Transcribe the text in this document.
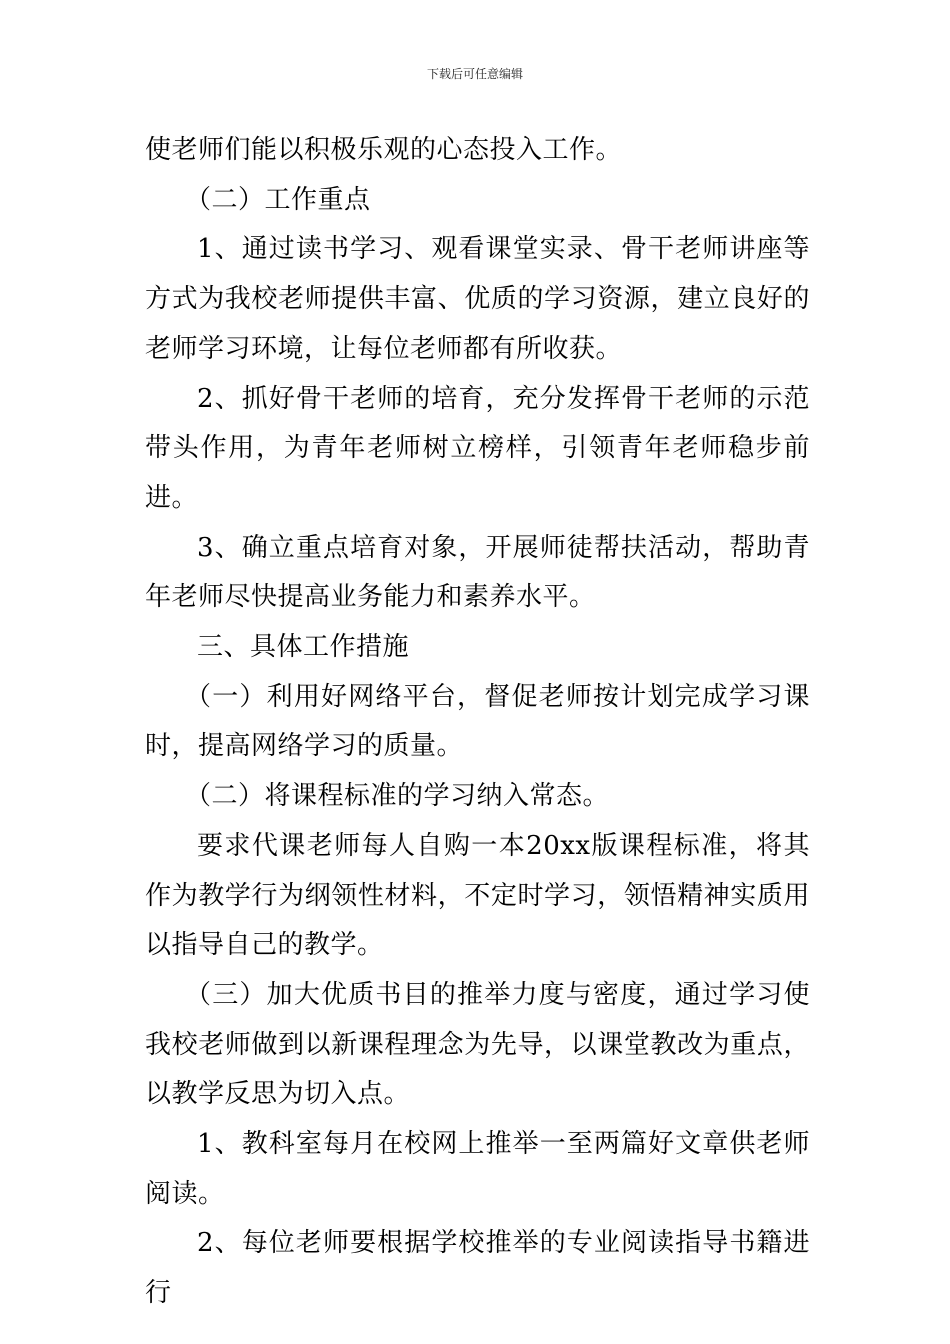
下载后可任意编辑

使老师们能以积极乐观的心态投入工作。

（二）工作重点

1、通过读书学习、观看课堂实录、骨干老师讲座等方式为我校老师提供丰富、优质的学习资源，建立良好的老师学习环境，让每位老师都有所收获。

2、抓好骨干老师的培育，充分发挥骨干老师的示范带头作用，为青年老师树立榜样，引领青年老师稳步前进。

3、确立重点培育对象，开展师徒帮扶活动，帮助青年老师尽快提高业务能力和素养水平。

三、具体工作措施

（一）利用好网络平台，督促老师按计划完成学习课时，提高网络学习的质量。

（二）将课程标准的学习纳入常态。

要求代课老师每人自购一本20xx版课程标准，将其作为教学行为纲领性材料，不定时学习，领悟精神实质用以指导自己的教学。

（三）加大优质书目的推举力度与密度，通过学习使我校老师做到以新课程理念为先导，以课堂教改为重点，以教学反思为切入点。

1、教科室每月在校网上推举一至两篇好文章供老师阅读。

2、每位老师要根据学校推举的专业阅读指导书籍进行
